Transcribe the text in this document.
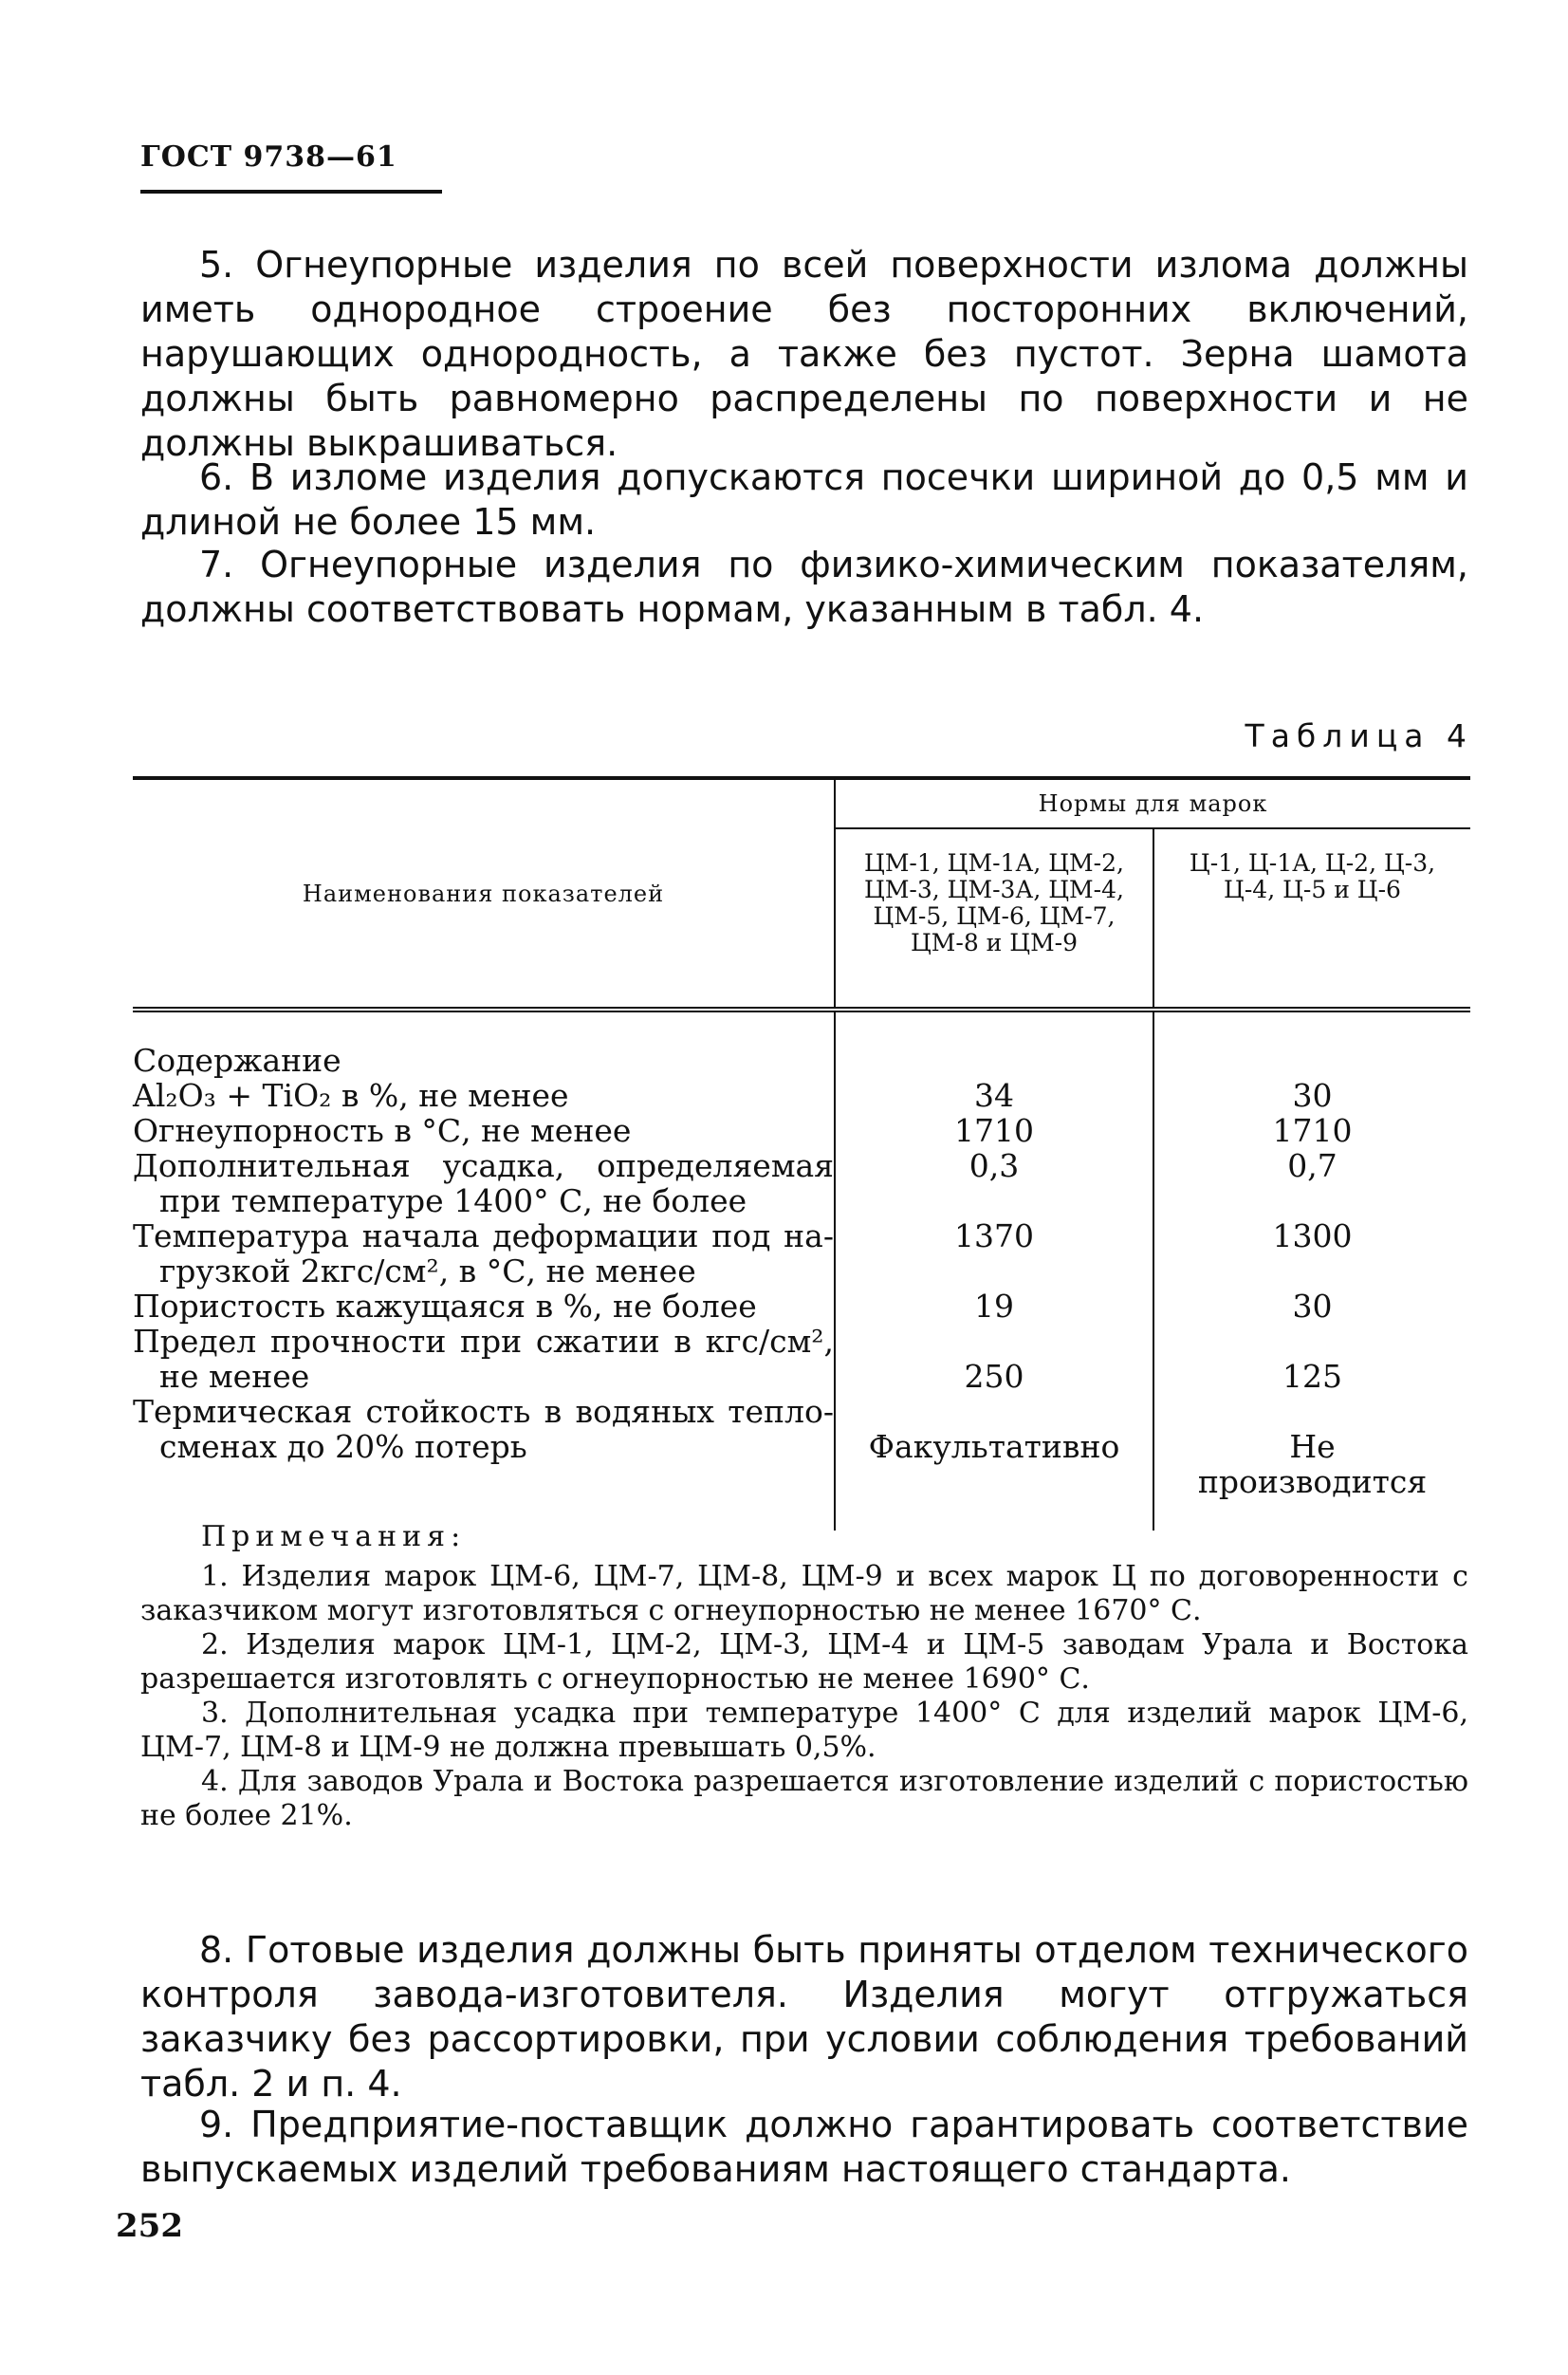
ГОСТ 9738—61
5. Огнеупорные изделия по всей поверхности излома должны иметь однородное строение без посторонних включений, нарушающих однородность, а также без пустот. Зерна шамота должны быть равномерно распределены по поверхности и не должны выкрашиваться.
6. В изломе изделия допускаются посечки шириной до 0,5 мм и длиной не более 15 мм.
7. Огнеупорные изделия по физико-химическим показателям, должны соответствовать нормам, указанным в табл. 4.
Таблица 4
Наименования показателей	Нормы для марок	
	ЦМ-1, ЦМ-1А, ЦМ-2, ЦМ-3, ЦМ-3А, ЦМ-4, ЦМ-5, ЦМ-6, ЦМ-7, ЦМ-8 и ЦМ-9	Ц-1, Ц-1А, Ц-2, Ц-3, Ц-4, Ц-5 и Ц-6

Содержание
Al₂O₃ + TiO₂ в %, не менее	34	30

Огнеупорность в °С, не менее	1710	1710

Дополнительная усадка, определяемая
при температуре 1400° С, не более	0,3	0,7

Температура начала деформации под на-
грузкой 2кгс/см², в °С, не менее	1370	1300

Пористость кажущаяся в %, не более	19	30

Предел прочности при сжатии в кгс/см²,
не менее	250	125

Термическая стойкость в водяных тепло-
сменах до 20% потерь	Факультативно	Не производится
Примечания:
1. Изделия марок ЦМ-6, ЦМ-7, ЦМ-8, ЦМ-9 и всех марок Ц по договоренности с заказчиком могут изготовляться с огнеупорностью не менее 1670° С.
2. Изделия марок ЦМ-1, ЦМ-2, ЦМ-3, ЦМ-4 и ЦМ-5 заводам Урала и Востока разрешается изготовлять с огнеупорностью не менее 1690° С.
3. Дополнительная усадка при температуре 1400° С для изделий марок ЦМ-6, ЦМ-7, ЦМ-8 и ЦМ-9 не должна превышать 0,5%.
4. Для заводов Урала и Востока разрешается изготовление изделий с пористостью не более 21%.
8. Готовые изделия должны быть приняты отделом технического контроля завода-изготовителя. Изделия могут отгружаться заказчику без рассортировки, при условии соблюдения требований табл. 2 и п. 4.
9. Предприятие-поставщик должно гарантировать соответствие выпускаемых изделий требованиям настоящего стандарта.
252
